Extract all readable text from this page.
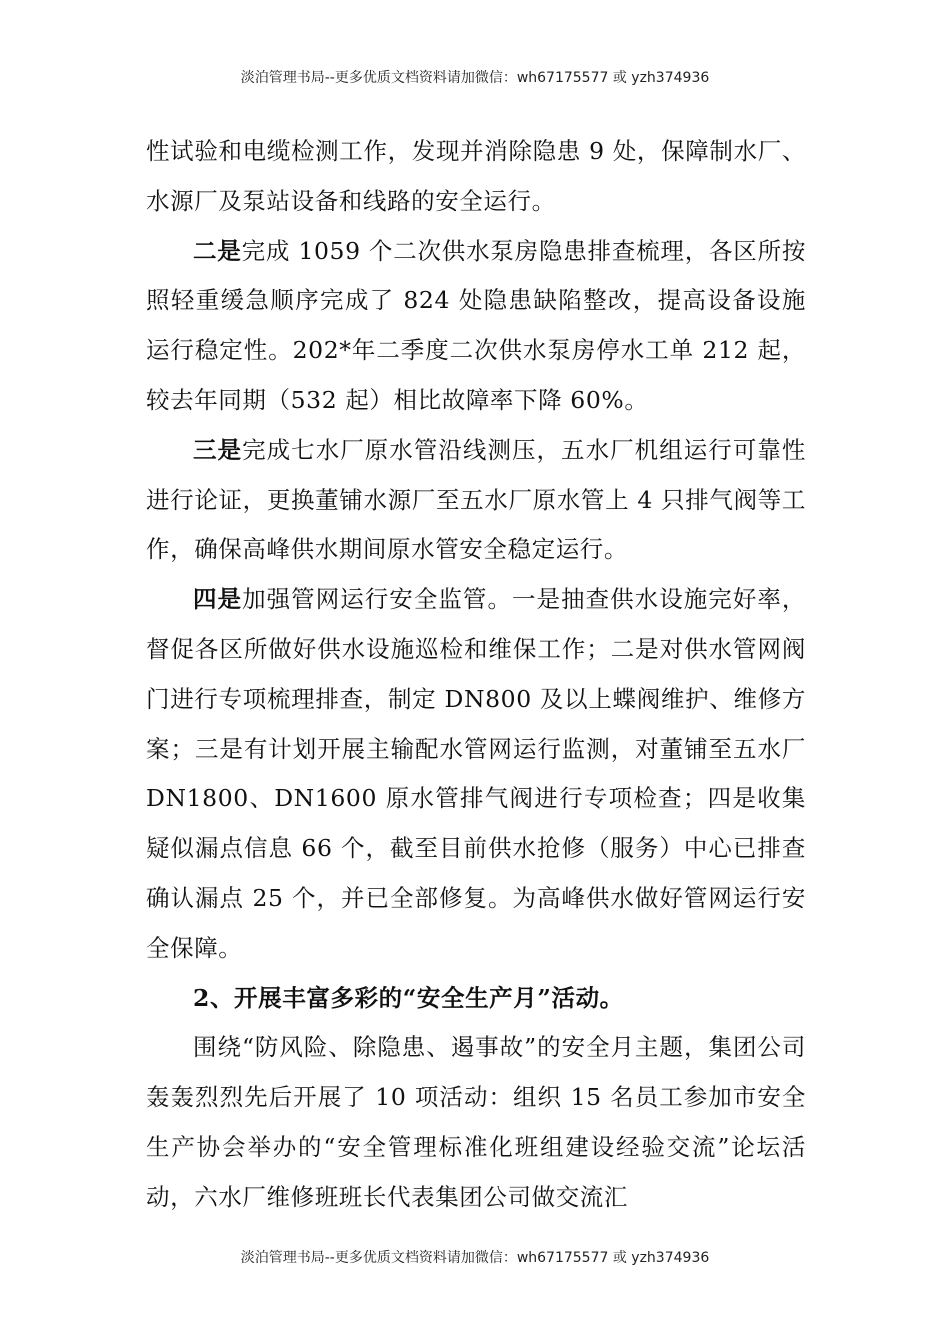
淡泊管理书局--更多优质文档资料请加微信：wh67175577 或 yzh374936

性试验和电缆检测工作，发现并消除隐患 9 处，保障制水厂、水源厂及泵站设备和线路的安全运行。

二是完成 1059 个二次供水泵房隐患排查梳理，各区所按照轻重缓急顺序完成了 824 处隐患缺陷整改，提高设备设施运行稳定性。202*年二季度二次供水泵房停水工单 212 起，较去年同期（532 起）相比故障率下降 60%。

三是完成七水厂原水管沿线测压，五水厂机组运行可靠性进行论证，更换董铺水源厂至五水厂原水管上 4 只排气阀等工作，确保高峰供水期间原水管安全稳定运行。

四是加强管网运行安全监管。一是抽查供水设施完好率，督促各区所做好供水设施巡检和维保工作；二是对供水管网阀门进行专项梳理排查，制定 DN800 及以上蝶阀维护、维修方案；三是有计划开展主输配水管网运行监测，对董铺至五水厂 DN1800、DN1600 原水管排气阀进行专项检查；四是收集疑似漏点信息 66 个，截至目前供水抢修（服务）中心已排查确认漏点 25 个，并已全部修复。为高峰供水做好管网运行安全保障。

2、开展丰富多彩的“安全生产月”活动。

围绕“防风险、除隐患、遏事故”的安全月主题，集团公司轰轰烈烈先后开展了 10 项活动：组织 15 名员工参加市安全生产协会举办的“安全管理标准化班组建设经验交流”论坛活动，六水厂维修班班长代表集团公司做交流汇

淡泊管理书局--更多优质文档资料请加微信：wh67175577 或 yzh374936
